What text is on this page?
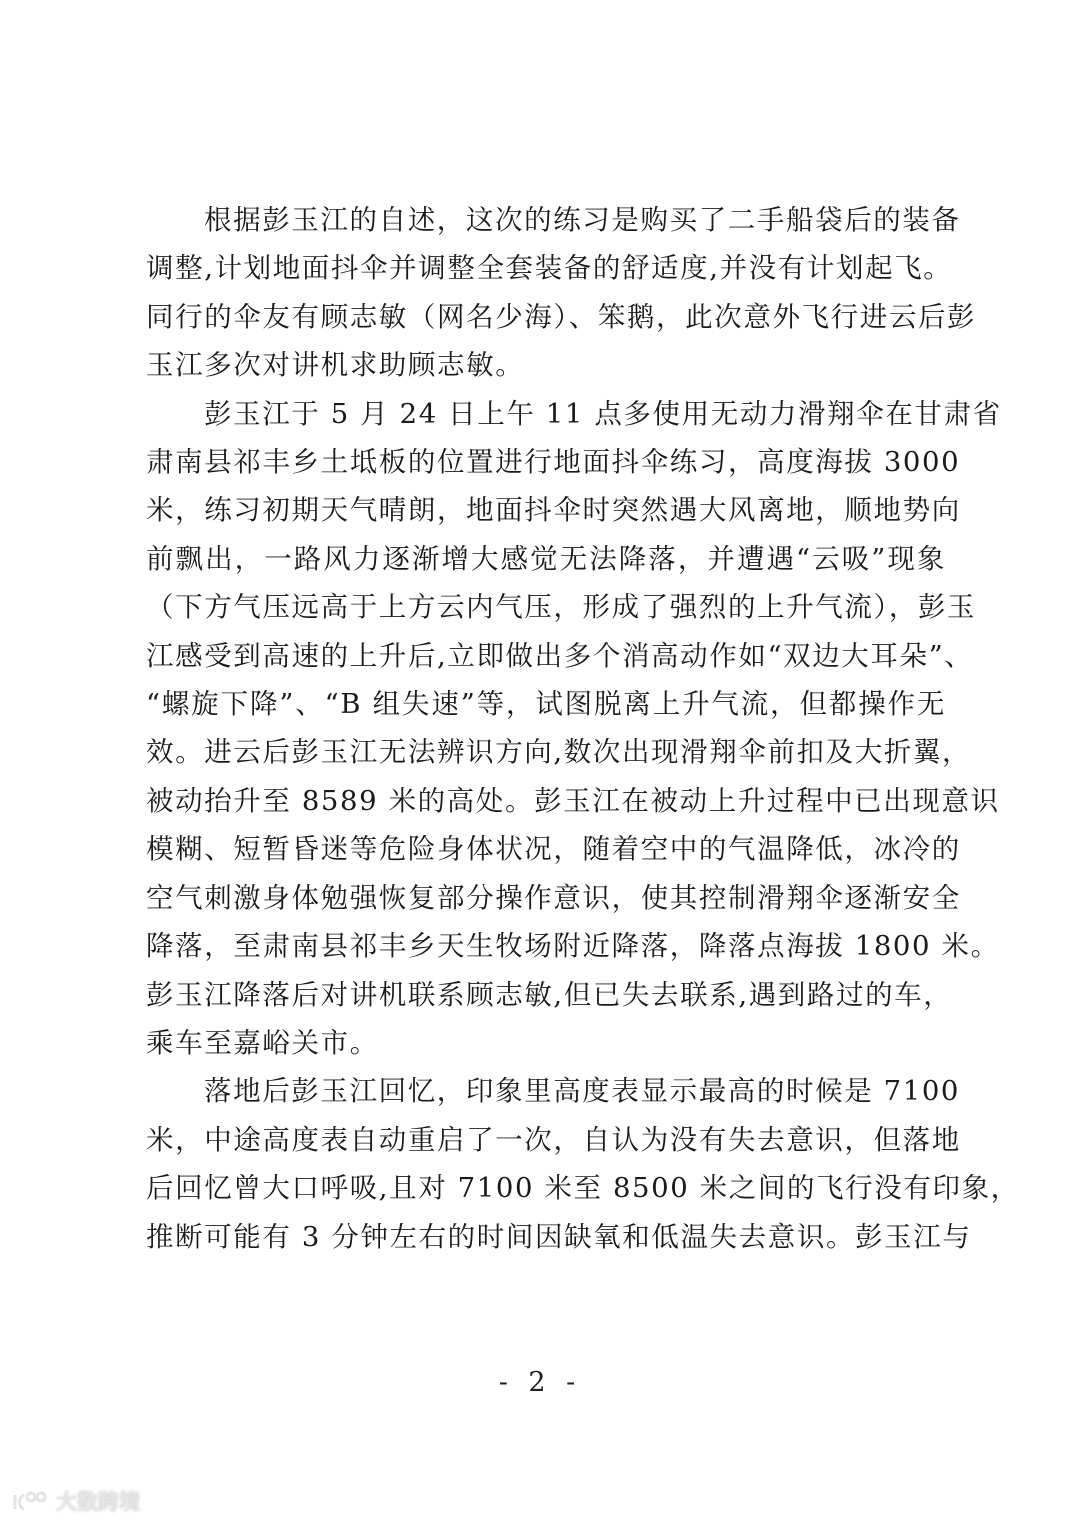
根据彭玉江的自述，这次的练习是购买了二手船袋后的装备
调整,计划地面抖伞并调整全套装备的舒适度,并没有计划起飞。
同行的伞友有顾志敏（网名少海）、笨鹅，此次意外飞行进云后彭
玉江多次对讲机求助顾志敏。

彭玉江于 5 月 24 日上午 11 点多使用无动力滑翔伞在甘肃省
肃南县祁丰乡土坻板的位置进行地面抖伞练习，高度海拔 3000
米，练习初期天气晴朗，地面抖伞时突然遇大风离地，顺地势向
前飘出，一路风力逐渐增大感觉无法降落，并遭遇“云吸”现象
（下方气压远高于上方云内气压，形成了强烈的上升气流），彭玉
江感受到高速的上升后,立即做出多个消高动作如“双边大耳朵”、
“螺旋下降”、“B 组失速”等，试图脱离上升气流，但都操作无
效。进云后彭玉江无法辨识方向,数次出现滑翔伞前扣及大折翼，
被动抬升至 8589 米的高处。彭玉江在被动上升过程中已出现意识
模糊、短暂昏迷等危险身体状况，随着空中的气温降低，冰冷的
空气刺激身体勉强恢复部分操作意识，使其控制滑翔伞逐渐安全
降落，至肃南县祁丰乡天生牧场附近降落，降落点海拔 1800 米。
彭玉江降落后对讲机联系顾志敏,但已失去联系,遇到路过的车，
乘车至嘉峪关市。

落地后彭玉江回忆，印象里高度表显示最高的时候是 7100
米，中途高度表自动重启了一次，自认为没有失去意识，但落地
后回忆曾大口呼吸,且对 7100 米至 8500 米之间的飞行没有印象，
推断可能有 3 分钟左右的时间因缺氧和低温失去意识。彭玉江与

- 2 -
大数跨境
